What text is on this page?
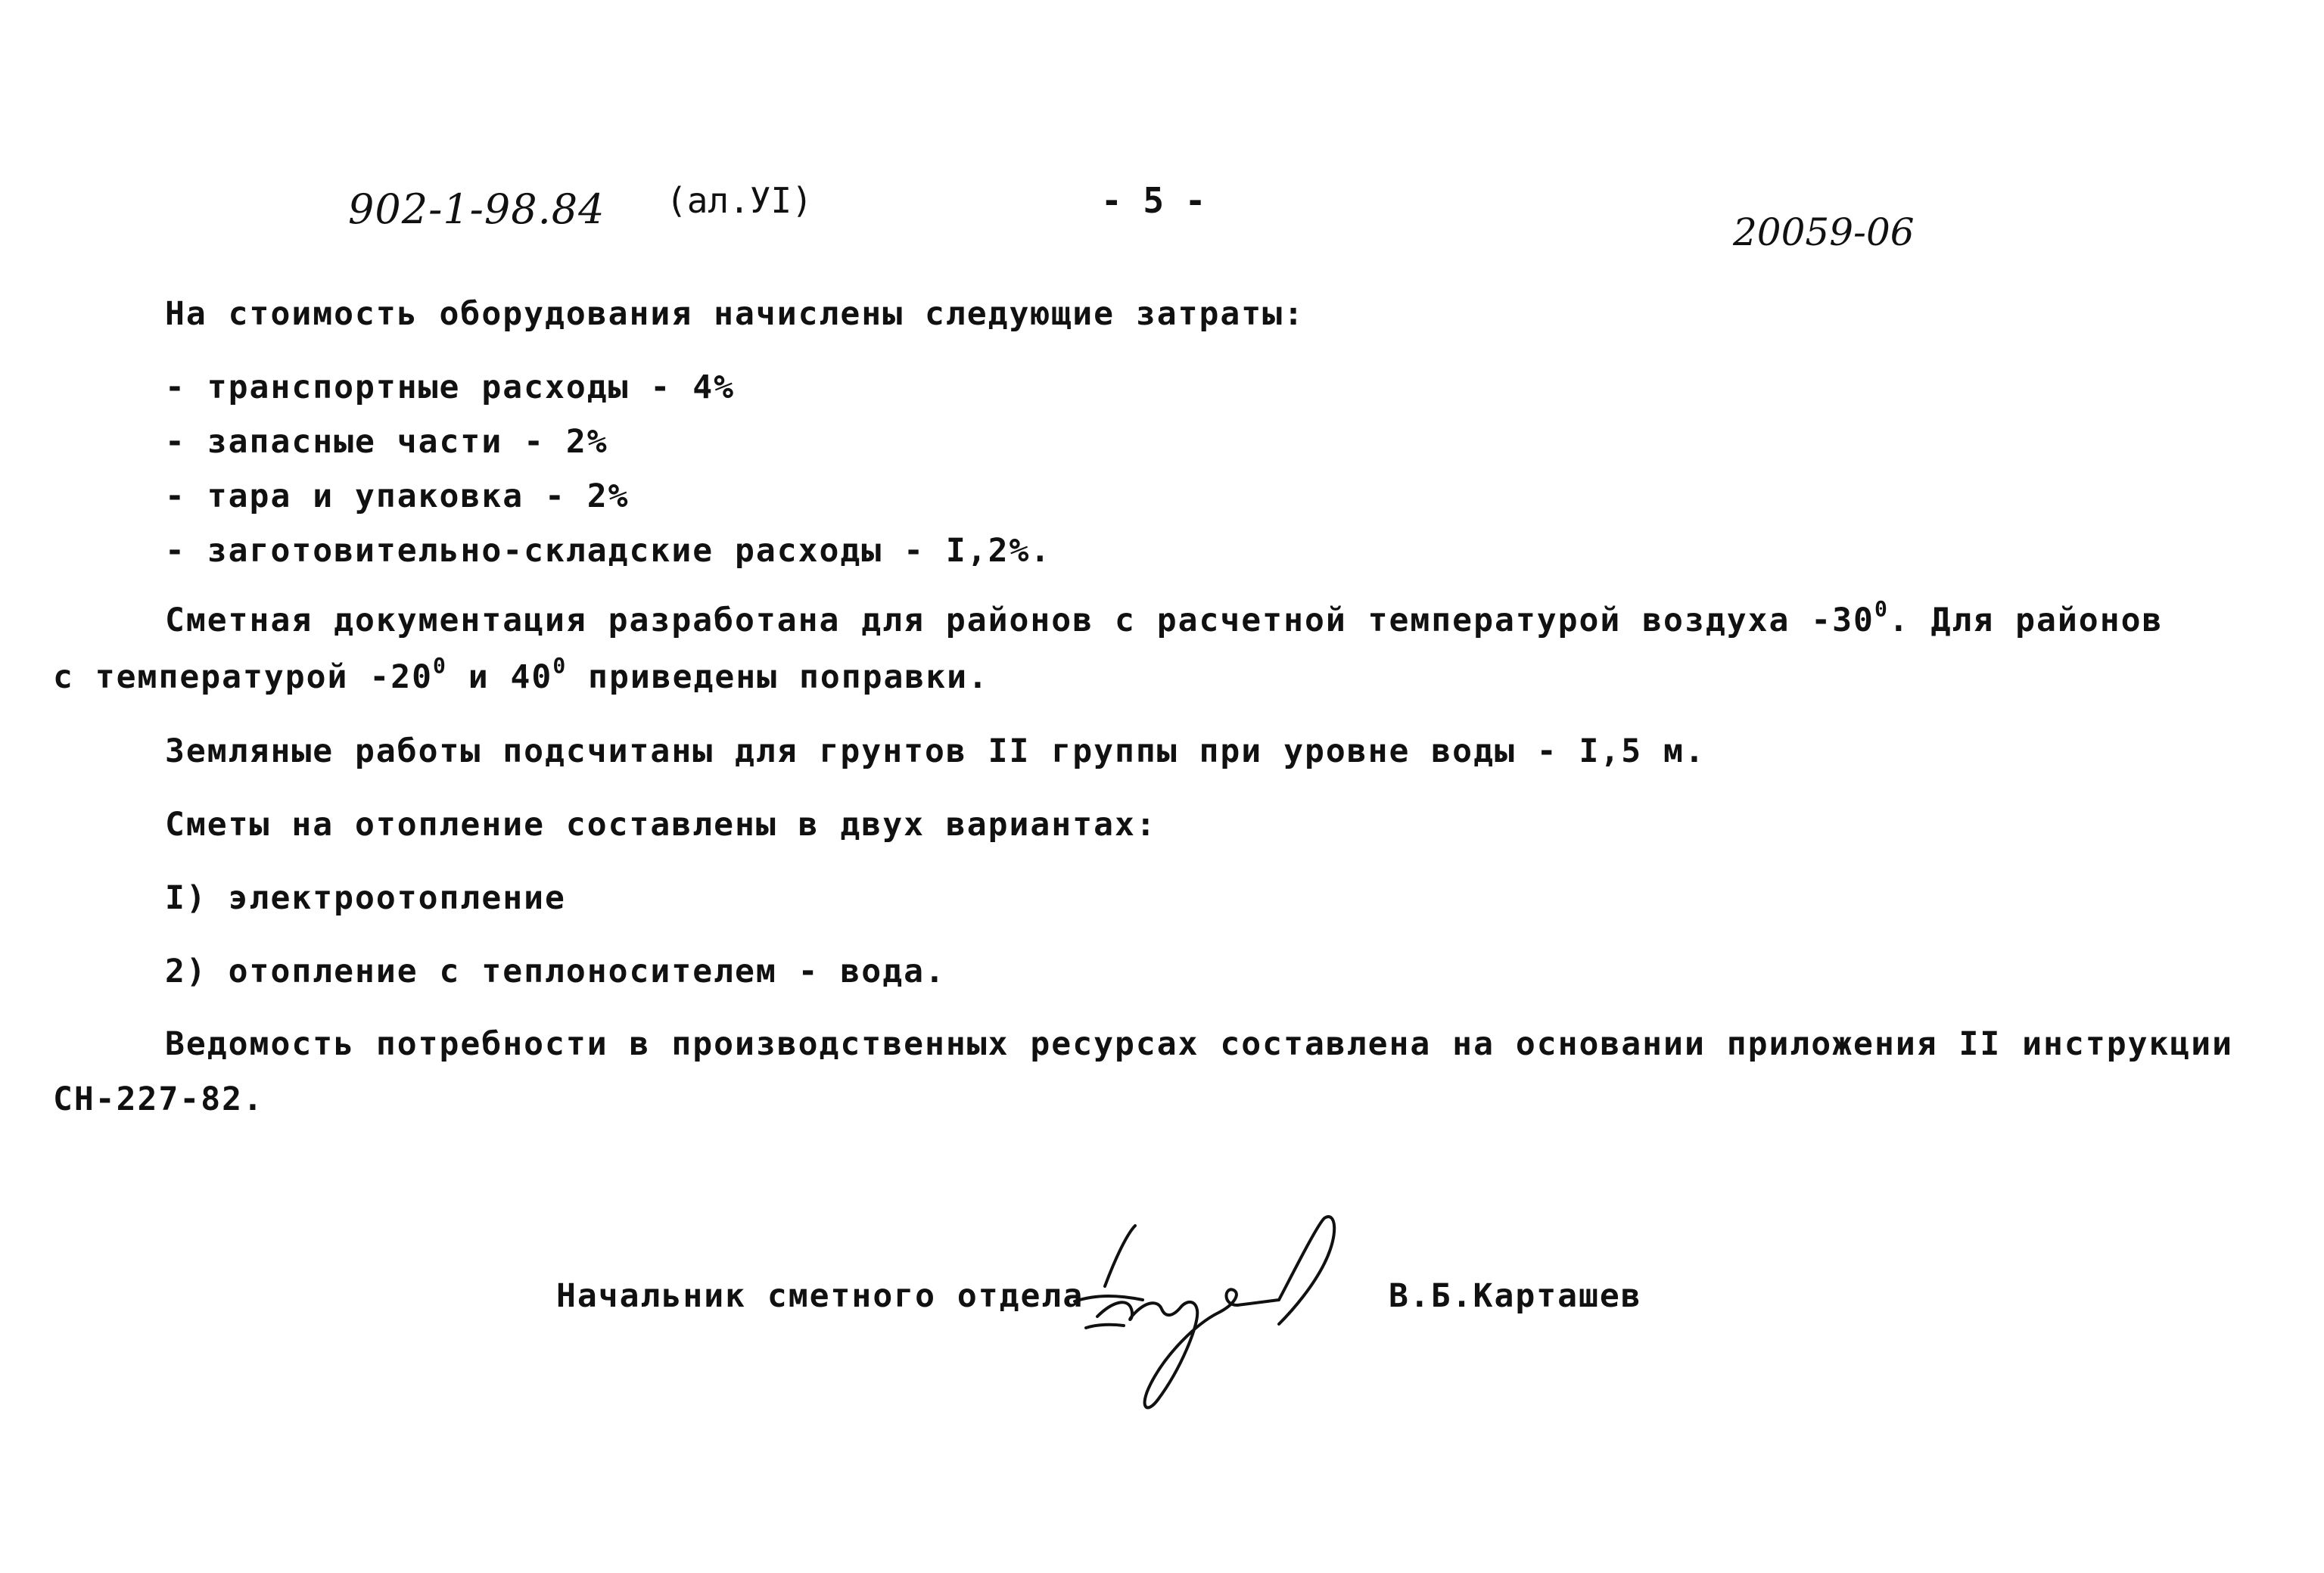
902-1-98.84 (ал.УI)	- 5 -
20059-06
На стоимость оборудования начислены следующие затраты:
- транспортные расходы - 4%
- запасные части - 2%
- тара и упаковка - 2%
- заготовительно-складские расходы - I,2%.
Сметная документация разработана для районов с расчетной температурой воздуха $-30^0$. Для районов
с температурой $-20^0$ и $40^0$ приведены поправки.
Земляные работы подсчитаны для грунтов II группы при уровне воды - I,5 м.
Сметы на отопление составлены в двух вариантах:
I) электроотопление
2) отопление с теплоносителем - вода.
Ведомость потребности в производственных ресурсах составлена на основании приложения II инструкции
СН-227-82.
Начальник сметного отдела	В.Б.Карташев
